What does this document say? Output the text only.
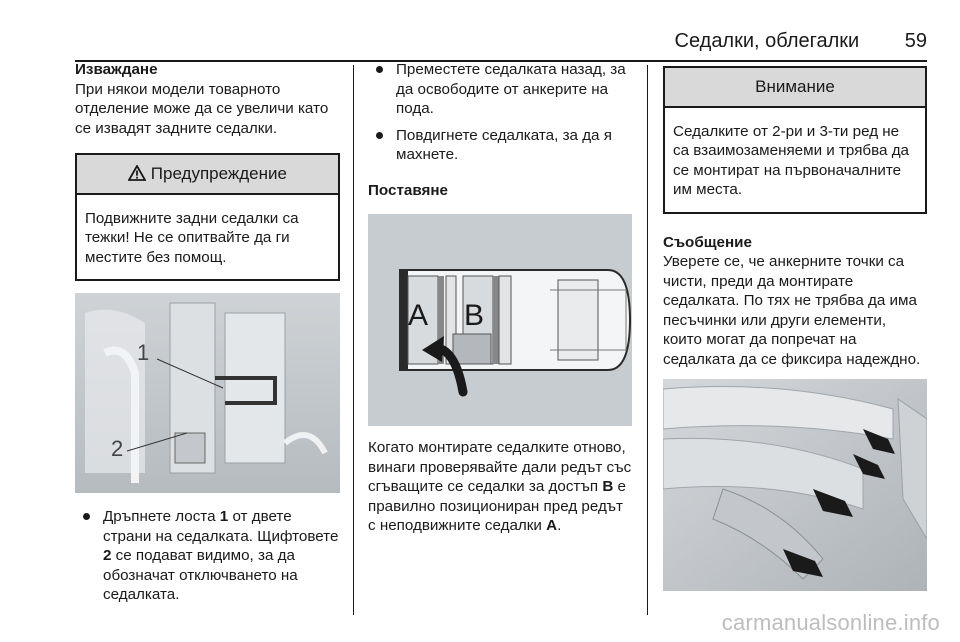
Седалки, облегалки 59
Изваждане
При някои модели товарното отделение може да се увеличи като се извадят задните седалки.
Предупреждение
Подвижните задни седалки са тежки! Не се опитвайте да ги местите без помощ.
1
2
Дръпнете лоста 1 от двете страни на седалката. Щифтовете 2 се подават видимо, за да обозначат отключването на седалката.
Преместете седалката назад, за да освободите от анкерите на пода.
Повдигнете седалката, за да я махнете.
Поставяне
A B
Когато монтирате седалките отново, винаги проверявайте дали редът със сгъващите се седалки за достъп B е правилно позициониран пред редът с неподвижните седалки A.
Внимание
Седалките от 2-ри и 3-ти ред не са взаимозаменяеми и трябва да се монтират на първоначалните им места.
Съобщение
Уверете се, че анкерните точки са чисти, преди да монтирате седалката. По тях не трябва да има песъчинки или други елементи, които могат да попречат на седалката да се фиксира надеждно.
carmanualsonline.info
